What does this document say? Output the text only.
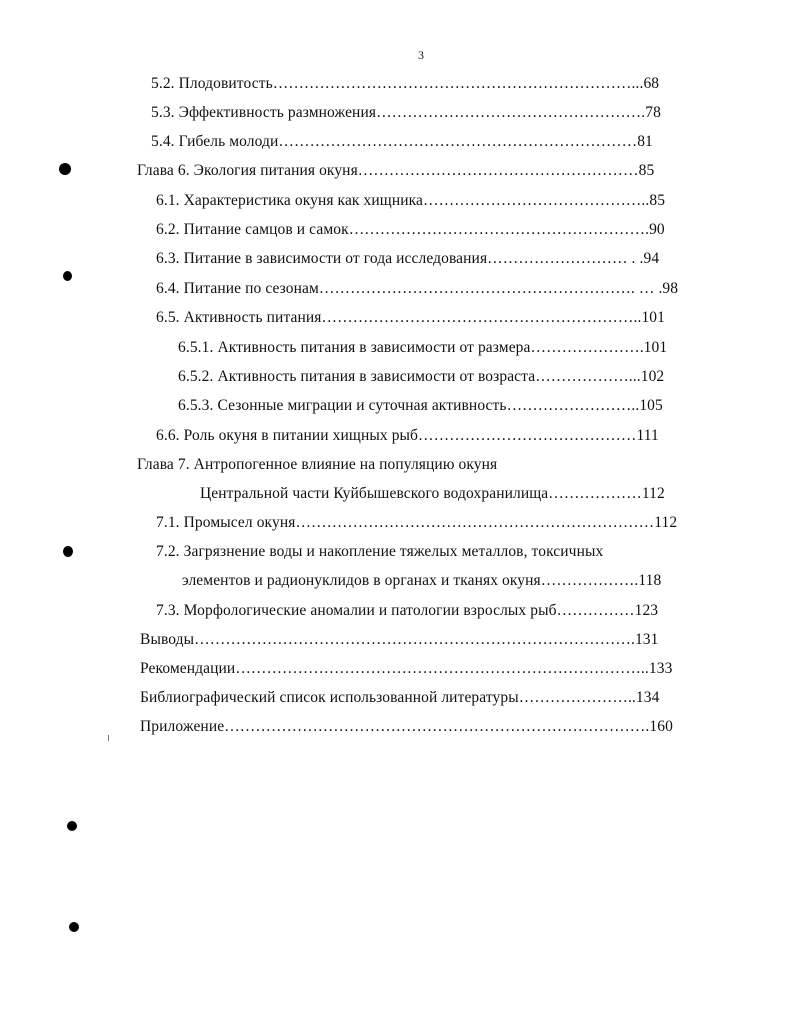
3
5.2. Плодовитость……………………………………………………………...68
5.3. Эффективность размножения…………………………………………….78
5.4. Гибель молоди……………………………………………………………81
Глава 6. Экология питания окуня………………………………………………85
6.1. Характеристика окуня как хищника……………………………………..85
6.2. Питание самцов и самок………………………………………………….90
6.3. Питание в зависимости от года исследования……………………… . .94
6.4. Питание по сезонам……………………………………………………. … .98
6.5. Активность питания……………………………………………………..101
6.5.1. Активность питания в зависимости от размера………………….101
6.5.2. Активность питания в зависимости от возраста………………...102
6.5.3. Сезонные миграции и суточная активность……………………..105
6.6. Роль окуня в питании хищных рыб……………………………………111
Глава 7. Антропогенное влияние на популяцию окуня
Центральной части Куйбышевского водохранилища………………112
7.1. Промысел окуня……………………………………………………………112
7.2. Загрязнение воды и накопление тяжелых металлов, токсичных
элементов и радионуклидов в органах и тканях окуня……………….118
7.3. Морфологические аномалии и патологии взрослых рыб……………123
Выводы………………………………………………………………………….131
Рекомендации……………………………………………………………………..133
Библиографический список использованной литературы…………………..134
Приложение……………………………………………………………………….160
